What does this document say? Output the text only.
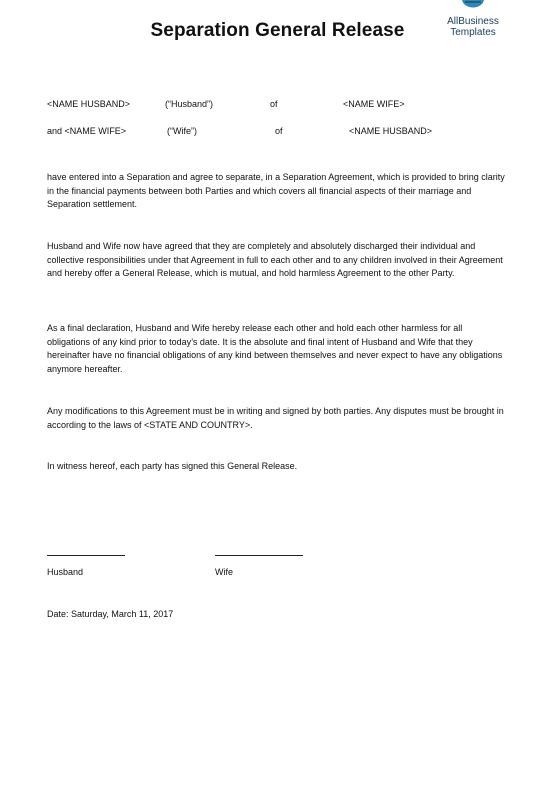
AllBusiness
Templates
Separation General Release
<NAME HUSBAND>	(“Husband”)	of	<NAME WIFE>
and <NAME WIFE>	(“Wife”)	of	<NAME HUSBAND>

have entered into a Separation and agree to separate, in a Separation Agreement, which is provided to bring clarity in the financial payments between both Parties and which covers all financial aspects of their marriage and Separation settlement.

Husband and Wife now have agreed that they are completely and absolutely discharged their individual and collective responsibilities under that Agreement in full to each other and to any children involved in their Agreement and hereby offer a General Release, which is mutual, and hold harmless Agreement to the other Party.

As a final declaration, Husband and Wife hereby release each other and hold each other harmless for all obligations of any kind prior to today’s date. It is the absolute and final intent of Husband and Wife that they hereinafter have no financial obligations of any kind between themselves and never expect to have any obligations anymore hereafter.

Any modifications to this Agreement must be in writing and signed by both parties. Any disputes must be brought in according to the laws of <STATE AND COUNTRY>.

In witness hereof, each party has signed this General Release.

Husband	Wife
Date: Saturday, March 11, 2017
